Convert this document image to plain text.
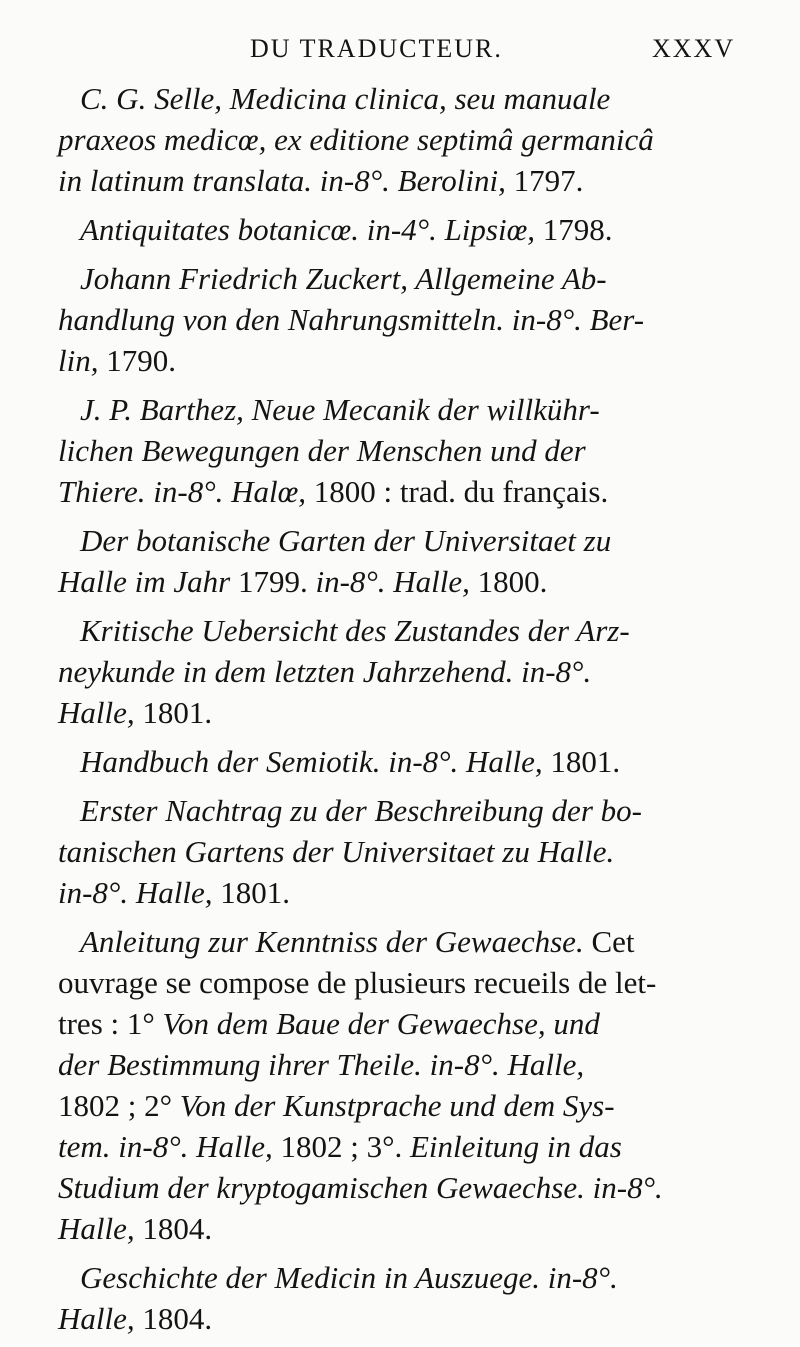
DU TRADUCTEUR.	XXXV
C. G. Selle, Medicina clinica, seu manuale
praxeos medicœ, ex editione septimâ germanicâ
in latinum translata. in-8°. Berolini, 1797.
Antiquitates botanicœ. in-4°. Lipsiœ, 1798.
Johann Friedrich Zuckert, Allgemeine Ab-
handlung von den Nahrungsmitteln. in-8°. Ber-
lin, 1790.
J. P. Barthez, Neue Mecanik der willkühr-
lichen Bewegungen der Menschen und der
Thiere. in-8°. Halœ, 1800 : trad. du français.
Der botanische Garten der Universitaet zu
Halle im Jahr 1799. in-8°. Halle, 1800.
Kritische Uebersicht des Zustandes der Arz-
neykunde in dem letzten Jahrzehend. in-8°.
Halle, 1801.
Handbuch der Semiotik. in-8°. Halle, 1801.
Erster Nachtrag zu der Beschreibung der bo-
tanischen Gartens der Universitaet zu Halle.
in-8°. Halle, 1801.
Anleitung zur Kenntniss der Gewaechse. Cet
ouvrage se compose de plusieurs recueils de let-
tres : 1° Von dem Baue der Gewaechse, und
der Bestimmung ihrer Theile. in-8°. Halle,
1802 ; 2° Von der Kunstprache und dem Sys-
tem. in-8°. Halle, 1802 ; 3°. Einleitung in das
Studium der kryptogamischen Gewaechse. in-8°.
Halle, 1804.
Geschichte der Medicin in Auszuege. in-8°.
Halle, 1804.
